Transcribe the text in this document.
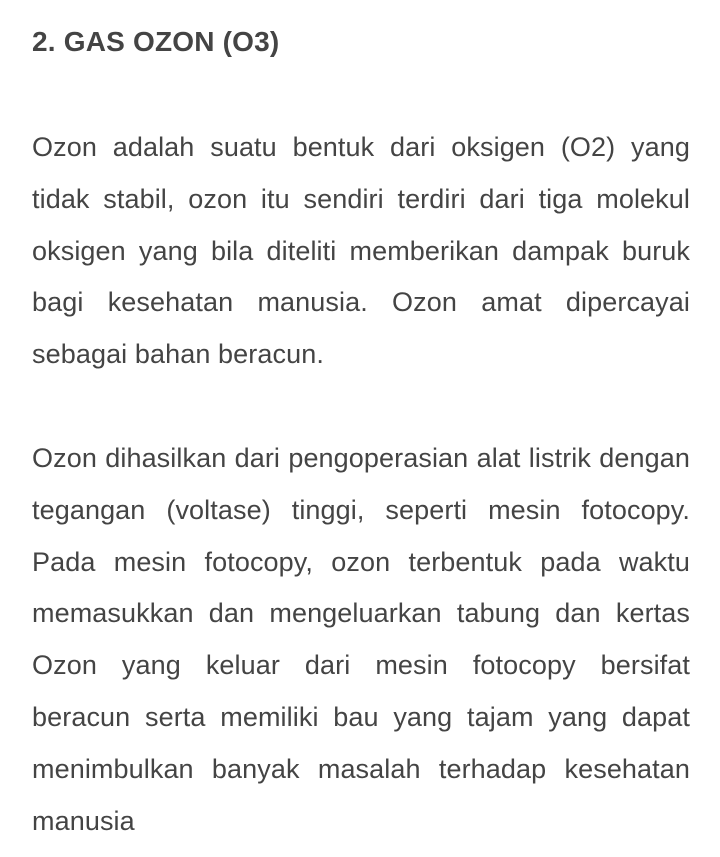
2. GAS OZON (O3)

Ozon adalah suatu bentuk dari oksigen (O2) yang tidak stabil, ozon itu sendiri terdiri dari tiga molekul oksigen yang bila diteliti memberikan dampak buruk bagi kesehatan manusia. Ozon amat dipercayai sebagai bahan beracun.

Ozon dihasilkan dari pengoperasian alat listrik dengan tegangan (voltase) tinggi, seperti mesin fotocopy. Pada mesin fotocopy, ozon terbentuk pada waktu memasukkan dan mengeluarkan tabung dan kertas Ozon yang keluar dari mesin fotocopy bersifat beracun serta memiliki bau yang tajam yang dapat menimbulkan banyak masalah terhadap kesehatan manusia
